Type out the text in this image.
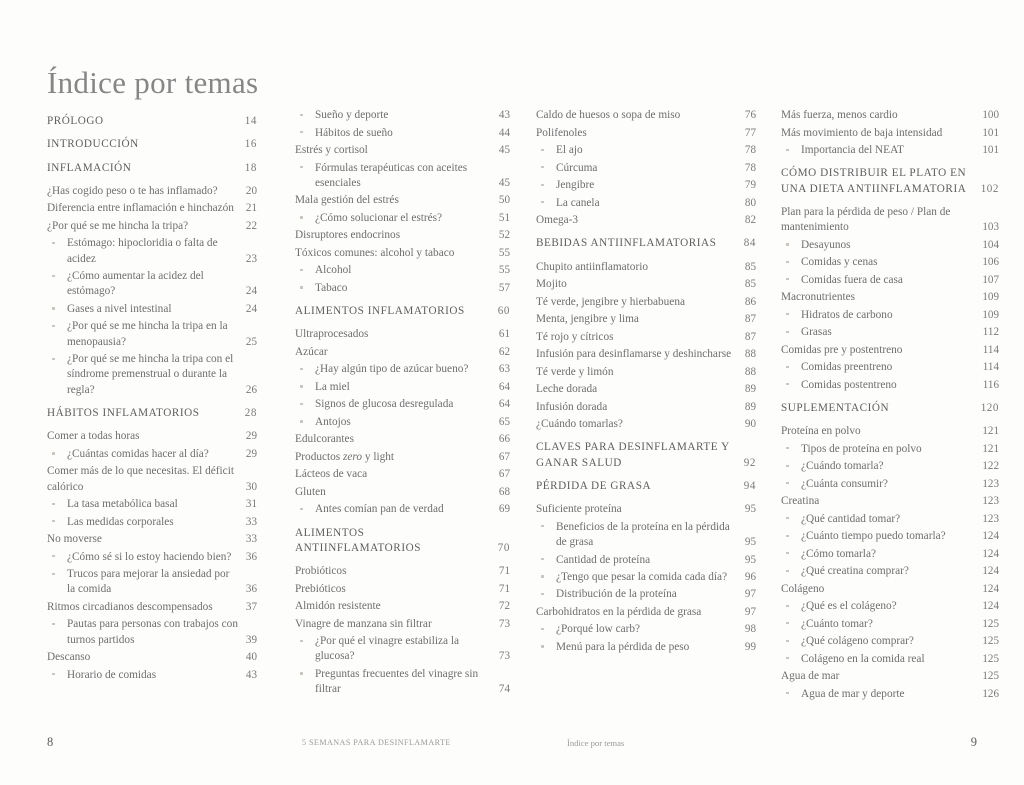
Índice por temas
PRÓLOGO	14
INTRODUCCIÓN	16
INFLAMACIÓN	18
¿Has cogido peso o te has inflamado?	20
Diferencia entre inflamación e hinchazón	21
¿Por qué se me hincha la tripa?	22
Estómago: hipocloridia o falta de acidez	23
¿Cómo aumentar la acidez del estómago?	24
Gases a nivel intestinal	24
¿Por qué se me hincha la tripa en la menopausia?	25
¿Por qué se me hincha la tripa con el síndrome premenstrual o durante la regla?	26
HÁBITOS INFLAMATORIOS	28
Comer a todas horas	29
¿Cuántas comidas hacer al día?	29
Comer más de lo que necesitas. El déficit calórico	30
La tasa metabólica basal	31
Las medidas corporales	33
No moverse	33
¿Cómo sé si lo estoy haciendo bien?	36
Trucos para mejorar la ansiedad por la comida	36
Ritmos circadianos descompensados	37
Pautas para personas con trabajos con turnos partidos	39
Descanso	40
Horario de comidas	43
Sueño y deporte	43
Hábitos de sueño	44
Estrés y cortisol	45
Fórmulas terapéuticas con aceites esenciales	45
Mala gestión del estrés	50
¿Cómo solucionar el estrés?	51
Disruptores endocrinos	52
Tóxicos comunes: alcohol y tabaco	55
Alcohol	55
Tabaco	57
ALIMENTOS INFLAMATORIOS	60
Ultraprocesados	61
Azúcar	62
¿Hay algún tipo de azúcar bueno?	63
La miel	64
Signos de glucosa desregulada	64
Antojos	65
Edulcorantes	66
Productos zero y light	67
Lácteos de vaca	67
Gluten	68
Antes comían pan de verdad	69
ALIMENTOS ANTIINFLAMATORIOS	70
Probióticos	71
Prebióticos	71
Almidón resistente	72
Vinagre de manzana sin filtrar	73
¿Por qué el vinagre estabiliza la glucosa?	73
Preguntas frecuentes del vinagre sin filtrar	74
Caldo de huesos o sopa de miso	76
Polifenoles	77
El ajo	78
Cúrcuma	78
Jengibre	79
La canela	80
Omega-3	82
BEBIDAS ANTIINFLAMATORIAS	84
Chupito antiinflamatorio	85
Mojito	85
Té verde, jengibre y hierbabuena	86
Menta, jengibre y lima	87
Té rojo y cítricos	87
Infusión para desinflamarse y deshincharse	88
Té verde y limón	88
Leche dorada	89
Infusión dorada	89
¿Cuándo tomarlas?	90
CLAVES PARA DESINFLAMARTE Y GANAR SALUD	92
PÉRDIDA DE GRASA	94
Suficiente proteína	95
Beneficios de la proteína en la pérdida de grasa	95
Cantidad de proteína	95
¿Tengo que pesar la comida cada día?	96
Distribución de la proteína	97
Carbohidratos en la pérdida de grasa	97
¿Porqué low carb?	98
Menú para la pérdida de peso	99
Más fuerza, menos cardio	100
Más movimiento de baja intensidad	101
Importancia del NEAT	101
CÓMO DISTRIBUIR EL PLATO EN UNA DIETA ANTIINFLAMATORIA	102
Plan para la pérdida de peso / Plan de mantenimiento	103
Desayunos	104
Comidas y cenas	106
Comidas fuera de casa	107
Macronutrientes	109
Hidratos de carbono	109
Grasas	112
Comidas pre y postentreno	114
Comidas preentreno	114
Comidas postentreno	116
SUPLEMENTACIÓN	120
Proteína en polvo	121
Tipos de proteína en polvo	121
¿Cuándo tomarla?	122
¿Cuánta consumir?	123
Creatina	123
¿Qué cantidad tomar?	123
¿Cuánto tiempo puedo tomarla?	124
¿Cómo tomarla?	124
¿Qué creatina comprar?	124
Colágeno	124
¿Qué es el colágeno?	124
¿Cuánto tomar?	125
¿Qué colágeno comprar?	125
Colágeno en la comida real	125
Agua de mar	125
Agua de mar y deporte	126
8	5 SEMANAS PARA DESINFLAMARTE	Índice por temas	9
